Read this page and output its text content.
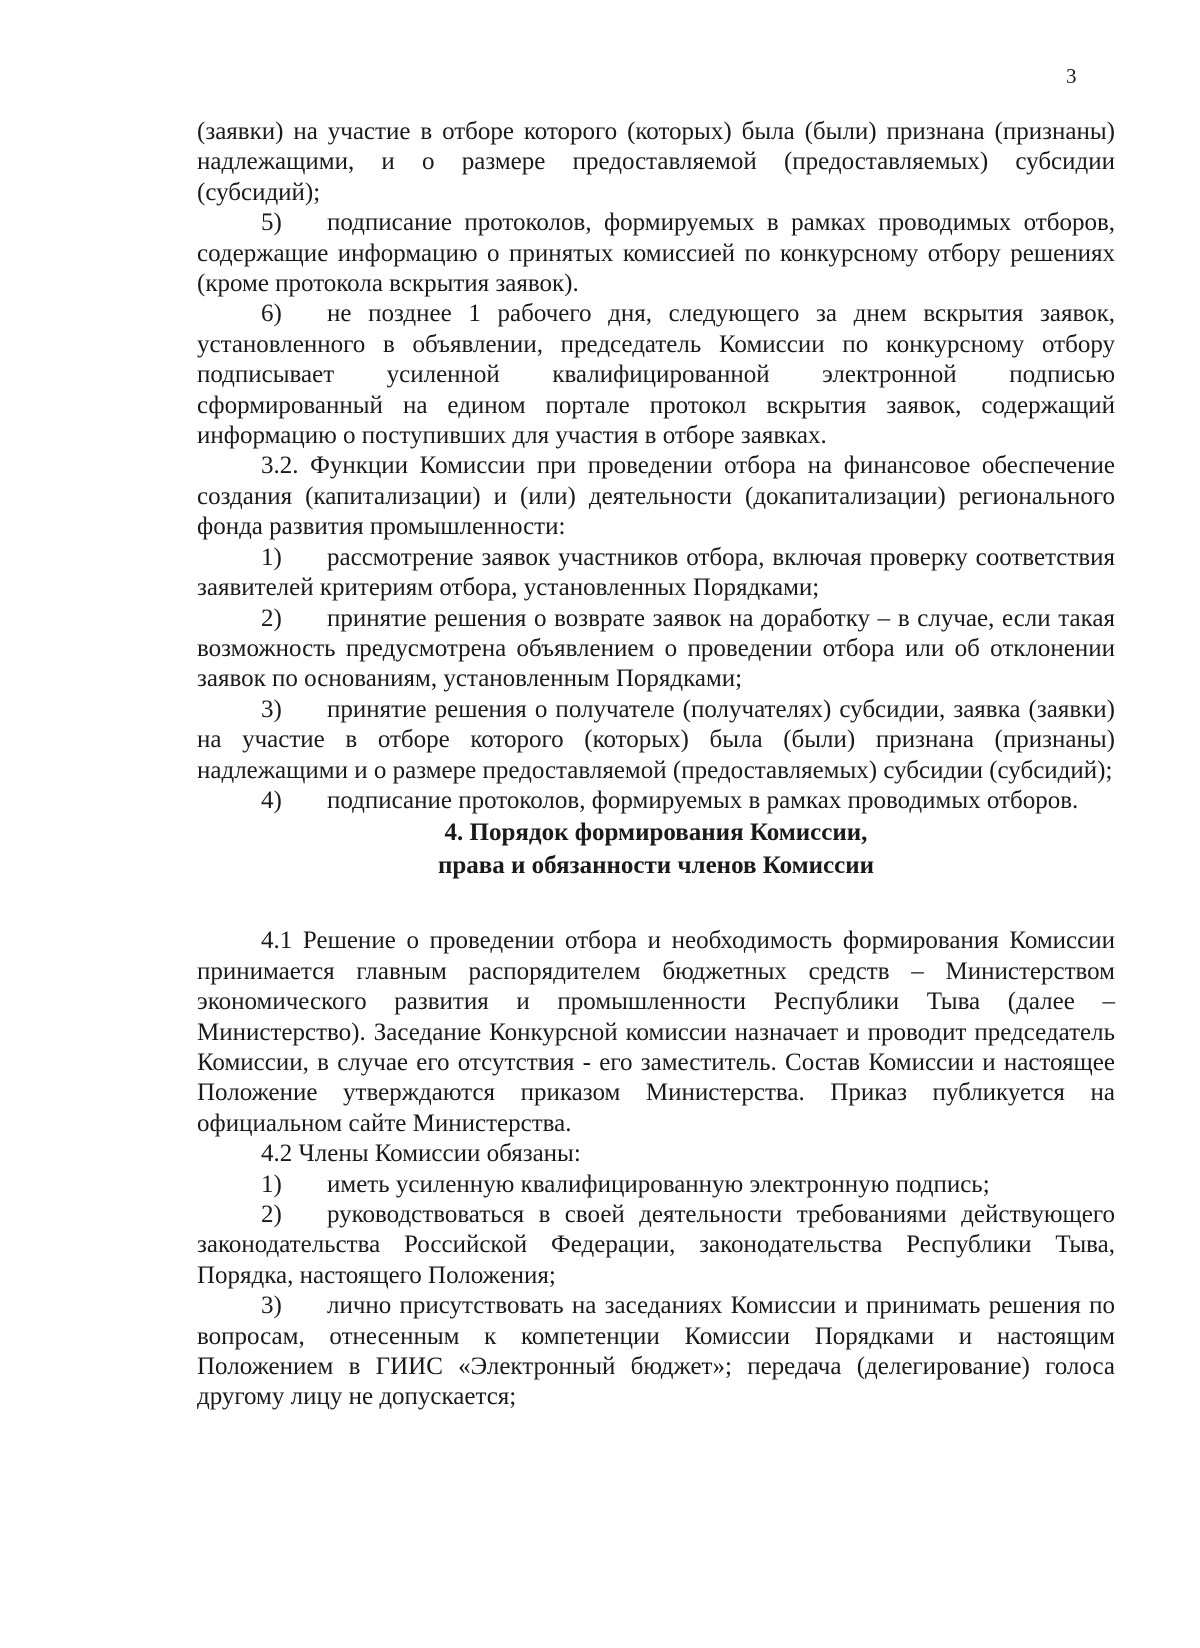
3

(заявки) на участие в отборе которого (которых) была (были) признана (признаны) надлежащими, и о размере предоставляемой (предоставляемых) субсидии (субсидий);

5) подписание протоколов, формируемых в рамках проводимых отборов, содержащие информацию о принятых комиссией по конкурсному отбору решениях (кроме протокола вскрытия заявок).

6) не позднее 1 рабочего дня, следующего за днем вскрытия заявок, установленного в объявлении, председатель Комиссии по конкурсному отбору подписывает усиленной квалифицированной электронной подписью сформированный на едином портале протокол вскрытия заявок, содержащий информацию о поступивших для участия в отборе заявках.

3.2. Функции Комиссии при проведении отбора на финансовое обеспечение создания (капитализации) и (или) деятельности (докапитализации) регионального фонда развития промышленности:

1) рассмотрение заявок участников отбора, включая проверку соответствия заявителей критериям отбора, установленных Порядками;

2) принятие решения о возврате заявок на доработку – в случае, если такая возможность предусмотрена объявлением о проведении отбора или об отклонении заявок по основаниям, установленным Порядками;

3) принятие решения о получателе (получателях) субсидии, заявка (заявки) на участие в отборе которого (которых) была (были) признана (признаны) надлежащими и о размере предоставляемой (предоставляемых) субсидии (субсидий);

4) подписание протоколов, формируемых в рамках проводимых отборов.

4. Порядок формирования Комиссии,

права и обязанности членов Комиссии

4.1 Решение о проведении отбора и необходимость формирования Комиссии принимается главным распорядителем бюджетных средств – Министерством экономического развития и промышленности Республики Тыва (далее – Министерство). Заседание Конкурсной комиссии назначает и проводит председатель Комиссии, в случае его отсутствия - его заместитель. Состав Комиссии и настоящее Положение утверждаются приказом Министерства. Приказ публикуется на официальном сайте Министерства.

4.2 Члены Комиссии обязаны:

1) иметь усиленную квалифицированную электронную подпись;

2) руководствоваться в своей деятельности требованиями действующего законодательства Российской Федерации, законодательства Республики Тыва, Порядка, настоящего Положения;

3) лично присутствовать на заседаниях Комиссии и принимать решения по вопросам, отнесенным к компетенции Комиссии Порядками и настоящим Положением в ГИИС «Электронный бюджет»; передача (делегирование) голоса другому лицу не допускается;
